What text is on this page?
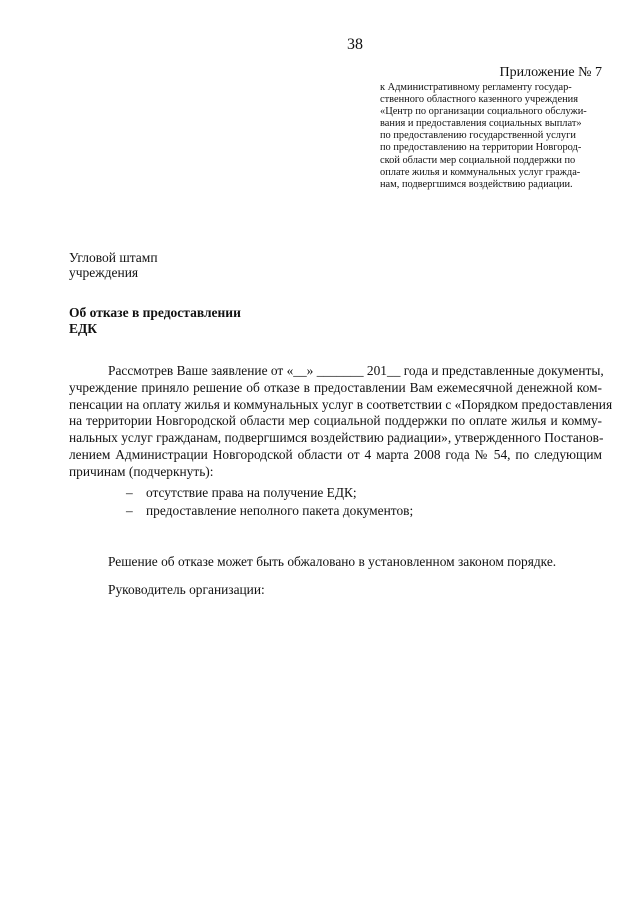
38
Приложение № 7
к Административному регламенту государ-
ственного областного казенного учреждения
«Центр по организации социального обслужи-
вания и предоставления социальных выплат»
по предоставлению государственной услуги
по предоставлению на территории Новгород-
ской области мер социальной поддержки по
оплате жилья и коммунальных услуг гражда-
нам, подвергшимся воздействию радиации.
Угловой штамп
учреждения
Об отказе в предоставлении
ЕДК
Рассмотрев Ваше заявление от «__» _______ 201__ года и представленные документы,
учреждение приняло решение об отказе в предоставлении Вам ежемесячной денежной ком-
пенсации на оплату жилья и коммунальных услуг в соответствии с «Порядком предоставления
на территории Новгородской области мер социальной поддержки по оплате жилья и комму-
нальных услуг гражданам, подвергшимся воздействию радиации», утвержденного Постанов-
лением Администрации Новгородской области от 4 марта 2008 года № 54, по следующим
причинам (подчеркнуть):
– отсутствие права на получение ЕДК;
– предоставление неполного пакета документов;
Решение об отказе может быть обжаловано в установленном законом порядке.
Руководитель организации:
